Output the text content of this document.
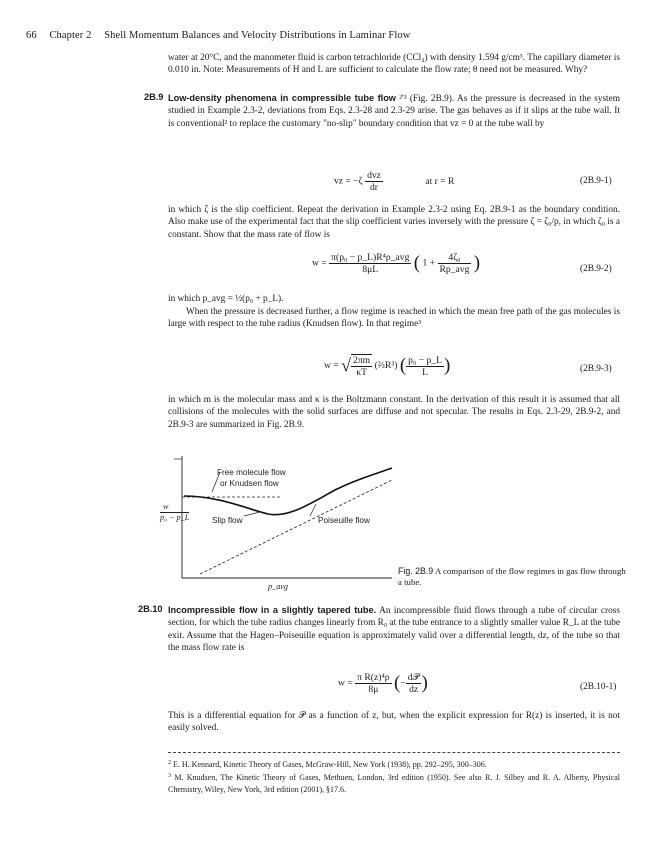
66 Chapter 2 Shell Momentum Balances and Velocity Distributions in Laminar Flow

water at 20°C, and the manometer fluid is carbon tetrachloride (CCl₄) with density 1.594 g/cm³. The capillary diameter is 0.010 in. Note: Measurements of H and L are sufficient to calculate the flow rate; θ need not be measured. Why?

2B.9 Low-density phenomena in compressible tube flow ²'³ (Fig. 2B.9). As the pressure is decreased in the system studied in Example 2.3-2, deviations from Eqs. 2.3-28 and 2.3-29 arise. The gas behaves as if it slips at the tube wall. It is conventional² to replace the customary "no-slip" boundary condition that vz = 0 at the tube wall by

vz = $-\zeta \frac{\text{dvz}}{dr}$	at r = R	(2B.9-1)

in which ζ is the slip coefficient. Repeat the derivation in Example 2.3-2 using Eq. 2B.9-1 as the boundary condition. Also make use of the experimental fact that the slip coefficient varies inversely with the pressure ζ = ζ₀/p, in which ζ₀ is a constant. Show that the mass rate of flow is

$w = \frac{\text{π(p₀ − p\_L)R⁴ρ\_avg}}{8\mu L}$ ( $1 + \frac{\text{4ζ₀}}{\text{Rp\_avg}}$ )	(2B.9-2)

in which p_avg = ½(p₀ + p_L).

When the pressure is decreased further, a flow regime is reached in which the mean free path of the gas molecules is large with respect to the tube radius (Knudsen flow). In that regime³

w = √ $\frac{2\pi m}{\kappa T}$ (⅔R³) ( $\frac{\text{p₀ − p\_L}}{L}$ )	(2B.9-3)

in which m is the molecular mass and κ is the Boltzmann constant. In the derivation of this result it is assumed that all collisions of the molecules with the solid surfaces are diffuse and not specular. The results in Eqs. 2.3-29, 2B.9-2, and 2B.9-3 are summarized in Fig. 2B.9.

Free molecule flow
or Knudsen flow
Slip flow	Poiseuille flow
w
p₀ − p_L
p_avg
Fig. 2B.9 A comparison of the flow regimes in gas flow through a tube.
2B.10 Incompressible flow in a slightly tapered tube. An incompressible fluid flows through a tube of circular cross section, for which the tube radius changes linearly from R₀ at the tube entrance to a slightly smaller value R_L at the tube exit. Assume that the Hagen–Poiseuille equation is approximately valid over a differential length, dz, of the tube so that the mass flow rate is

$w = \frac{\text{π R(z)⁴ρ}}{8\mu}$ (− $\frac{\text{d𝒫}}{dz}$ )	(2B.10-1)

This is a differential equation for 𝒫 as a function of z, but, when the explicit expression for R(z) is inserted, it is not easily solved.

$^2$ E. H. Kennard, Kinetic Theory of Gases, McGraw-Hill, New York (1938), pp. 292–295, 300–306.
$^3$ M. Knudsen, The Kinetic Theory of Gases, Methuen, London, 3rd edition (1950). See also R. J. Silbey and R. A. Alberty, Physical Chemistry, Wiley, New York, 3rd edition (2001), §17.6.
